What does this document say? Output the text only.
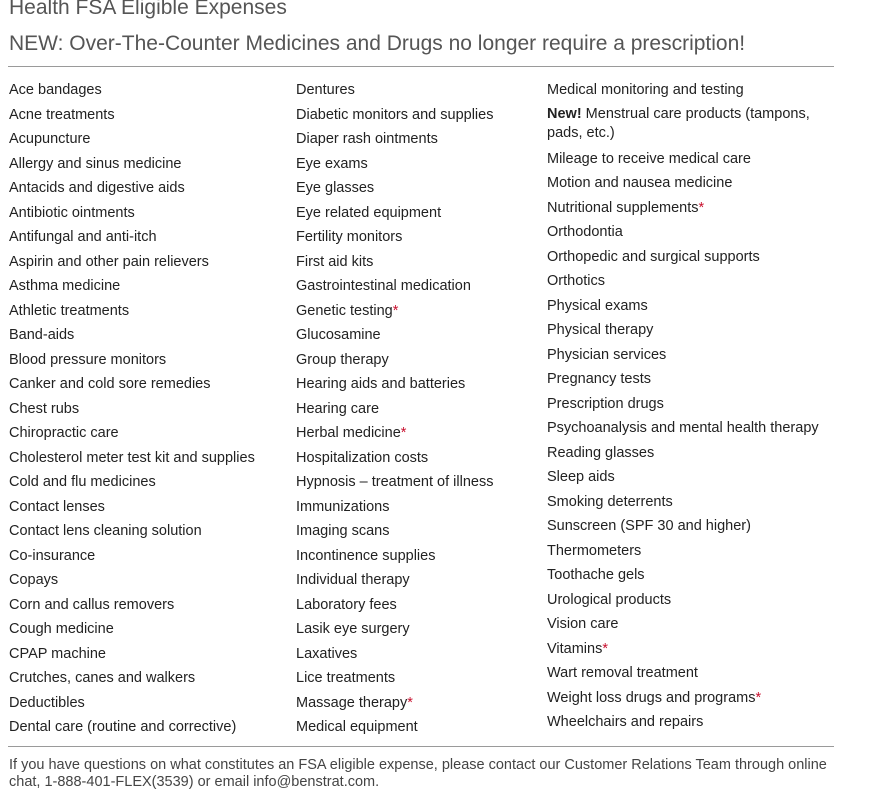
Health FSA Eligible Expenses
NEW: Over-The-Counter Medicines and Drugs no longer require a prescription!
Ace bandages
Acne treatments
Acupuncture
Allergy and sinus medicine
Antacids and digestive aids
Antibiotic ointments
Antifungal and anti-itch
Aspirin and other pain relievers
Asthma medicine
Athletic treatments
Band-aids
Blood pressure monitors
Canker and cold sore remedies
Chest rubs
Chiropractic care
Cholesterol meter test kit and supplies
Cold and flu medicines
Contact lenses
Contact lens cleaning solution
Co-insurance
Copays
Corn and callus removers
Cough medicine
CPAP machine
Crutches, canes and walkers
Deductibles
Dental care (routine and corrective)
Dentures
Diabetic monitors and supplies
Diaper rash ointments
Eye exams
Eye glasses
Eye related equipment
Fertility monitors
First aid kits
Gastrointestinal medication
Genetic testing*
Glucosamine
Group therapy
Hearing aids and batteries
Hearing care
Herbal medicine*
Hospitalization costs
Hypnosis – treatment of illness
Immunizations
Imaging scans
Incontinence supplies
Individual therapy
Laboratory fees
Lasik eye surgery
Laxatives
Lice treatments
Massage therapy*
Medical equipment
Medical monitoring and testing
New! Menstrual care products (tampons, pads, etc.)
Mileage to receive medical care
Motion and nausea medicine
Nutritional supplements*
Orthodontia
Orthopedic and surgical supports
Orthotics
Physical exams
Physical therapy
Physician services
Pregnancy tests
Prescription drugs
Psychoanalysis and mental health therapy
Reading glasses
Sleep aids
Smoking deterrents
Sunscreen (SPF 30 and higher)
Thermometers
Toothache gels
Urological products
Vision care
Vitamins*
Wart removal treatment
Weight loss drugs and programs*
Wheelchairs and repairs

If you have questions on what constitutes an FSA eligible expense, please contact our Customer Relations Team through online chat, 1-888-401-FLEX(3539) or email info@benstrat.com.
